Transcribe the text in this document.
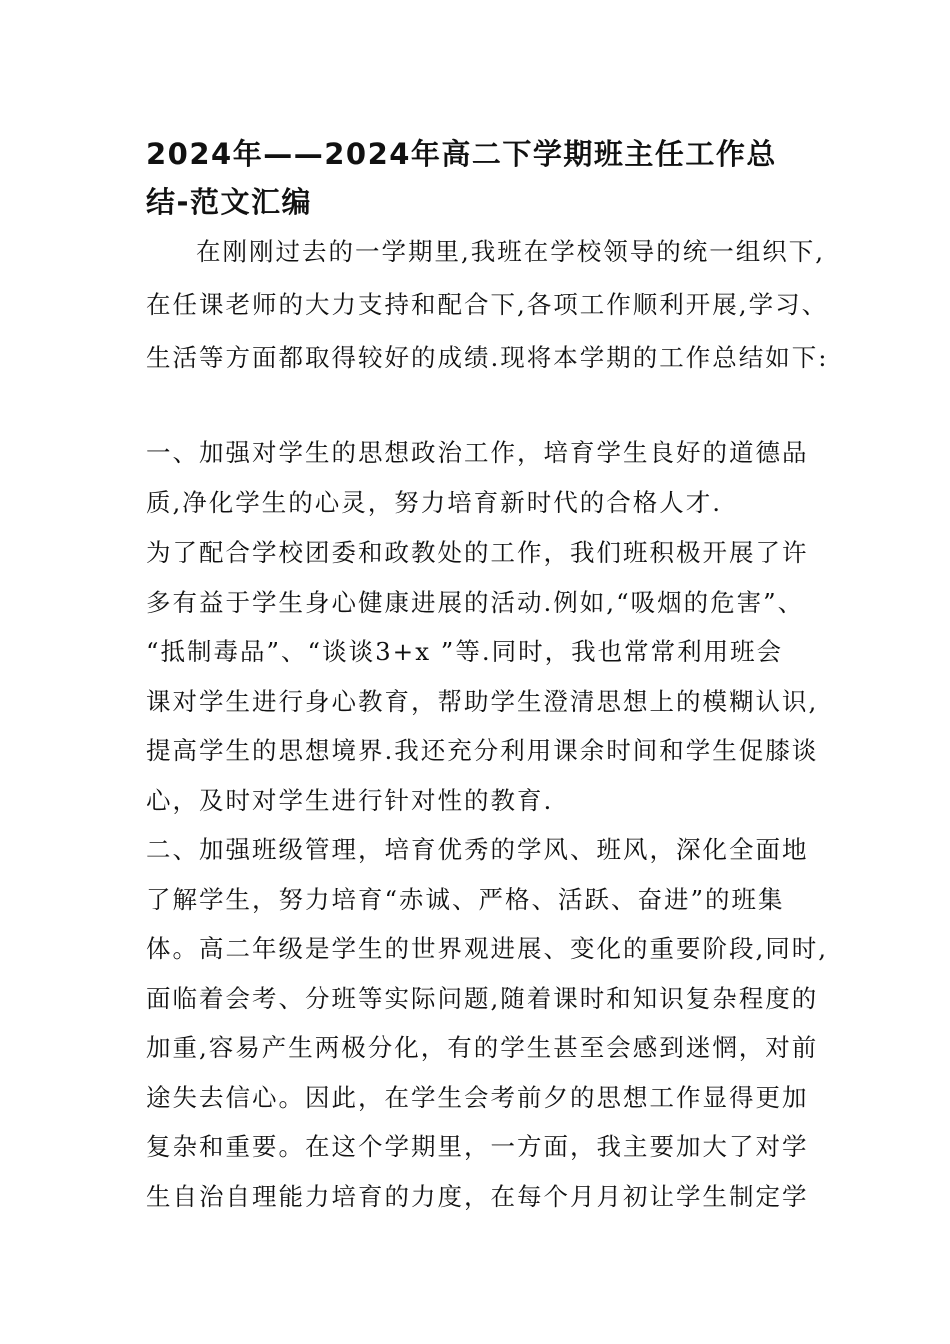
2024年——2024年高二下学期班主任工作总
结-范文汇编

在刚刚过去的一学期里,我班在学校领导的统一组织下,

在任课老师的大力支持和配合下,各项工作顺利开展,学习、

生活等方面都取得较好的成绩.现将本学期的工作总结如下:

一、加强对学生的思想政治工作，培育学生良好的道德品

质,净化学生的心灵，努力培育新时代的合格人才.

为了配合学校团委和政教处的工作，我们班积极开展了许

多有益于学生身心健康进展的活动.例如,“吸烟的危害”、

“抵制毒品”、“谈谈3+x ”等.同时，我也常常利用班会

课对学生进行身心教育，帮助学生澄清思想上的模糊认识,

提高学生的思想境界.我还充分利用课余时间和学生促膝谈

心，及时对学生进行针对性的教育.

二、加强班级管理，培育优秀的学风、班风，深化全面地

了解学生，努力培育“赤诚、严格、活跃、奋进”的班集

体。高二年级是学生的世界观进展、变化的重要阶段,同时,

面临着会考、分班等实际问题,随着课时和知识复杂程度的

加重,容易产生两极分化，有的学生甚至会感到迷惘，对前

途失去信心。因此，在学生会考前夕的思想工作显得更加

复杂和重要。在这个学期里，一方面，我主要加大了对学

生自治自理能力培育的力度，在每个月月初让学生制定学
